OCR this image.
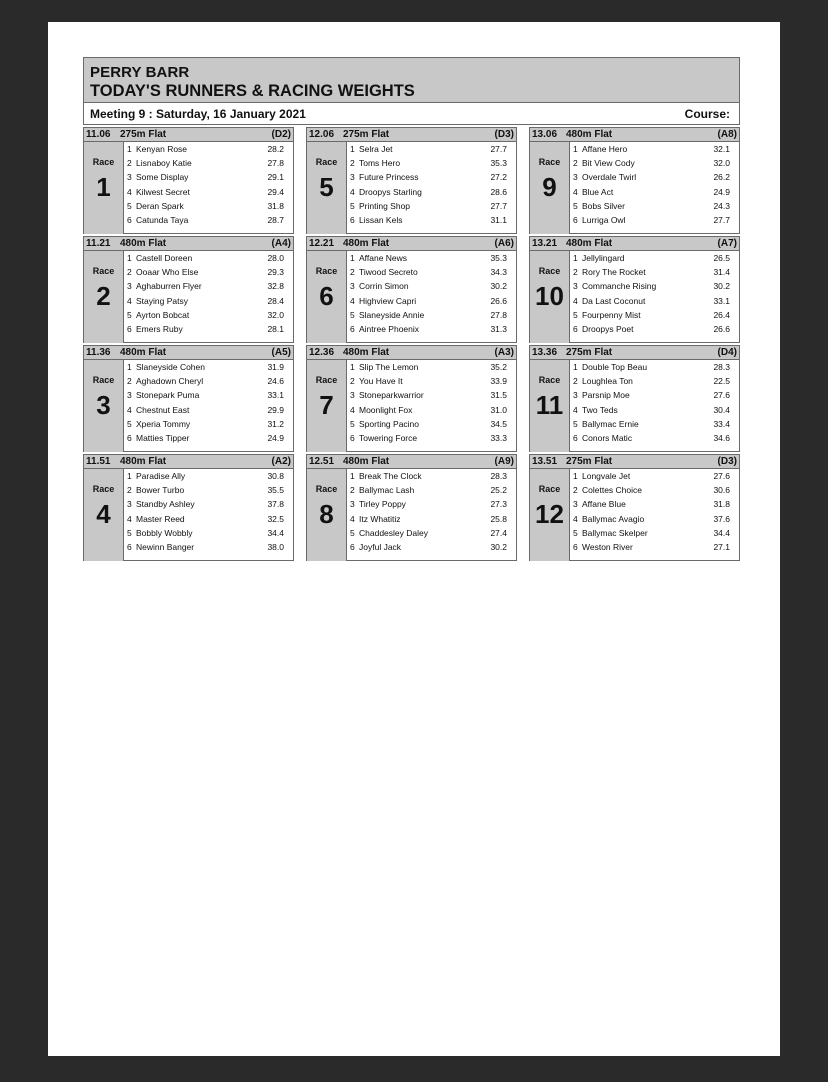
PERRY BARR
TODAY'S RUNNERS & RACING WEIGHTS
Meeting 9 : Saturday, 16 January 2021	Course:
11.06 275m Flat	(D2)
Race
1
1 Kenyan Rose	28.2
2 Lisnaboy Katie	27.8
3 Some Display	29.1
4 Kilwest Secret	29.4
5 Deran Spark	31.8
6 Catunda Taya	28.7
12.06 275m Flat	(D3)
Race
5
1 Selra Jet	27.7
2 Toms Hero	35.3
3 Future Princess	27.2
4 Droopys Starling	28.6
5 Printing Shop	27.7
6 Lissan Kels	31.1
13.06 480m Flat	(A8)
Race
9
1 Affane Hero	32.1
2 Bit View Cody	32.0
3 Overdale Twirl	26.2
4 Blue Act	24.9
5 Bobs Silver	24.3
6 Lurriga Owl	27.7
11.21 480m Flat	(A4)
Race
2
1 Castell Doreen	28.0
2 Ooaar Who Else	29.3
3 Aghaburren Flyer	32.8
4 Staying Patsy	28.4
5 Ayrton Bobcat	32.0
6 Emers Ruby	28.1
12.21 480m Flat	(A6)
Race
6
1 Affane News	35.3
2 Tiwood Secreto	34.3
3 Corrin Simon	30.2
4 Highview Capri	26.6
5 Slaneyside Annie	27.8
6 Aintree Phoenix	31.3
13.21 480m Flat	(A7)
Race
10
1 Jellylingard	26.5
2 Rory The Rocket	31.4
3 Commanche Rising	30.2
4 Da Last Coconut	33.1
5 Fourpenny Mist	26.4
6 Droopys Poet	26.6
11.36 480m Flat	(A5)
Race
3
1 Slaneyside Cohen	31.9
2 Aghadown Cheryl	24.6
3 Stonepark Puma	33.1
4 Chestnut East	29.9
5 Xperia Tommy	31.2
6 Matties Tipper	24.9
12.36 480m Flat	(A3)
Race
7
1 Slip The Lemon	35.2
2 You Have It	33.9
3 Stoneparkwarrior	31.5
4 Moonlight Fox	31.0
5 Sporting Pacino	34.5
6 Towering Force	33.3
13.36 275m Flat	(D4)
Race
11
1 Double Top Beau	28.3
2 Loughlea Ton	22.5
3 Parsnip Moe	27.6
4 Two Teds	30.4
5 Ballymac Ernie	33.4
6 Conors Matic	34.6
11.51 480m Flat	(A2)
Race
4
1 Paradise Ally	30.8
2 Bower Turbo	35.5
3 Standby Ashley	37.8
4 Master Reed	32.5
5 Bobbly Wobbly	34.4
6 Newinn Banger	38.0
12.51 480m Flat	(A9)
Race
8
1 Break The Clock	28.3
2 Ballymac Lash	25.2
3 Tirley Poppy	27.3
4 Itz Whatitiz	25.8
5 Chaddesley Daley	27.4
6 Joyful Jack	30.2
13.51 275m Flat	(D3)
Race
12
1 Longvale Jet	27.6
2 Colettes Choice	30.6
3 Affane Blue	31.8
4 Ballymac Avagio	37.6
5 Ballymac Skelper	34.4
6 Weston River	27.1
